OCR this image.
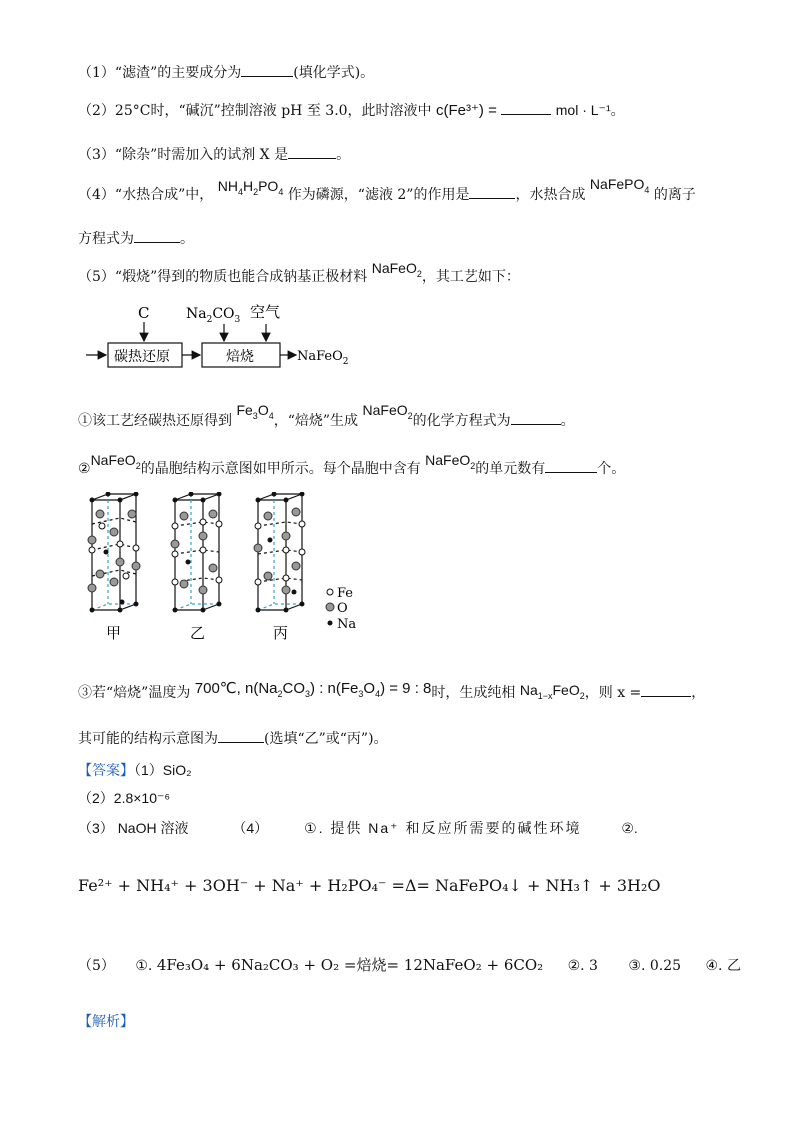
（1）“滤渣”的主要成分为	(填化学式)。
（2）25°C时，“碱沉”控制溶液 pH 至 3.0，此时溶液中 c(Fe³⁺) =	mol · L⁻¹。
（3）“除杂”时需加入的试剂 X 是	。
（4）“水热合成”中， $NH_4H_2PO_4$ 作为磷源，“滤液 2”的作用是	，水热合成 NaFePO$_4$ 的离子
方程式为	。
（5）“煅烧”得到的物质也能合成钠基正极材料 NaFeO$_2$，其工艺如下：
C	$Na_2CO_3$ 空气
碳热还原	焙烧	NaFeO$_2$
①该工艺经碳热还原得到 $Fe_3O_4$，“焙烧”生成 NaFeO$_2$的化学方程式为	。
②NaFeO$_2$的晶胞结构示意图如甲所示。每个晶胞中含有 NaFeO$_2$的单元数有	个。
甲	乙	丙
Fe
O
Na
③若“焙烧”温度为 700℃, $n(Na_2CO_3)$ : $n(Fe_3O_4) = 9$ : 8时，生成纯相 $Na_{1-x}FeO_2$，则 x =	，
其可能的结构示意图为	(选填“乙”或“丙”)。
【答案】（1）SiO₂
（2）2.8×10⁻⁶
（3） NaOH 溶液	（4）	①. 提供 Na⁺ 和反应所需要的碱性环境	②.
Fe²⁺ + NH₄⁺ + 3OH⁻ + Na⁺ + H₂PO₄⁻ =Δ= NaFePO₄↓ + NH₃↑ + 3H₂O
（5） ①. 4Fe₃O₄ + 6Na₂CO₃ + O₂ =焙烧= 12NaFeO₂ + 6CO₂ ②. 3 ③. 0.25 ④. 乙
【解析】
